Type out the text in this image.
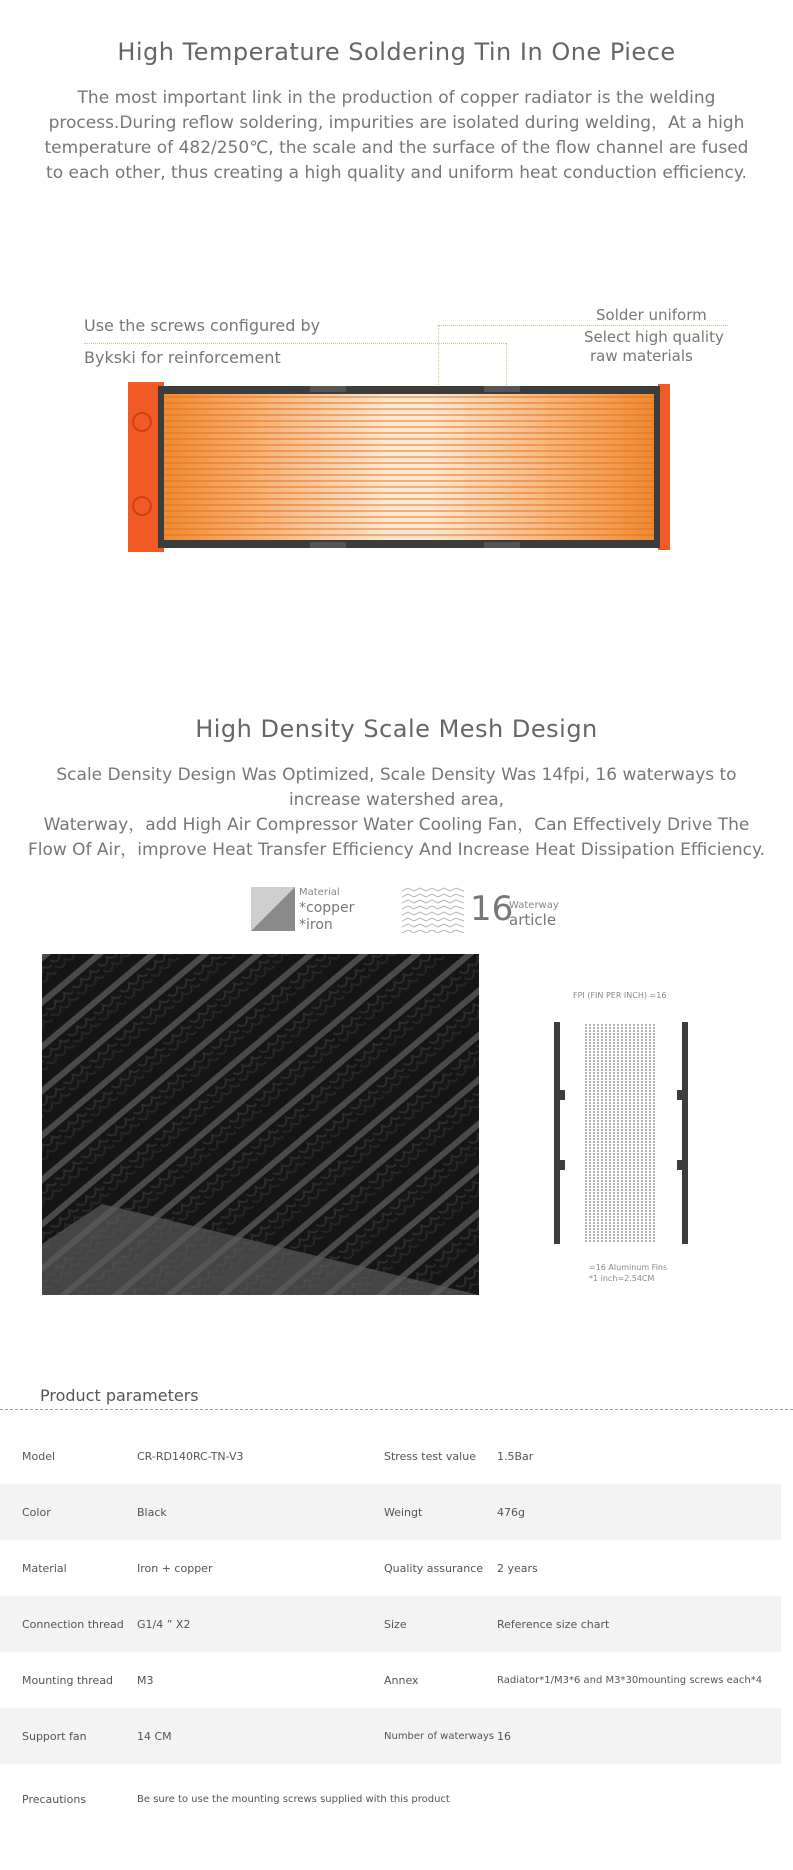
High Temperature Soldering Tin In One Piece

The most important link in the production of copper radiator is the welding

process.During reflow soldering, impurities are isolated during welding，At a high

temperature of 482/250℃, the scale and the surface of the flow channel are fused

to each other, thus creating a high quality and uniform heat conduction efficiency.

Use the screws configured by
Bykski for reinforcement
Solder uniform
Select high quality
raw materials
High Density Scale Mesh Design

Scale Density Design Was Optimized, Scale Density Was 14fpi, 16 waterways to

increase watershed area,

Waterway，add High Air Compressor Water Cooling Fan，Can Effectively Drive The

Flow Of Air，improve Heat Transfer Efficiency And Increase Heat Dissipation Efficiency.

Material
*copper
*iron	16
Waterway
article
FPI (FIN PER INCH) =16
=16 Aluminum Fins
*1 inch=2.54CM
Product parameters
Model	CR-RD140RC-TN-V3	Stress test value	1.5Bar
Color	Black	Weingt	476g
Material	Iron + copper	Quality assurance	2 years
Connection thread	G1/4 ” X2	Size	Reference size chart
Mounting thread	M3	Annex	Radiator*1/M3*6 and M3*30mounting screws each*4
Support fan	14 CM	Number of waterways	16
Precautions	Be sure to use the mounting screws supplied with this product		
